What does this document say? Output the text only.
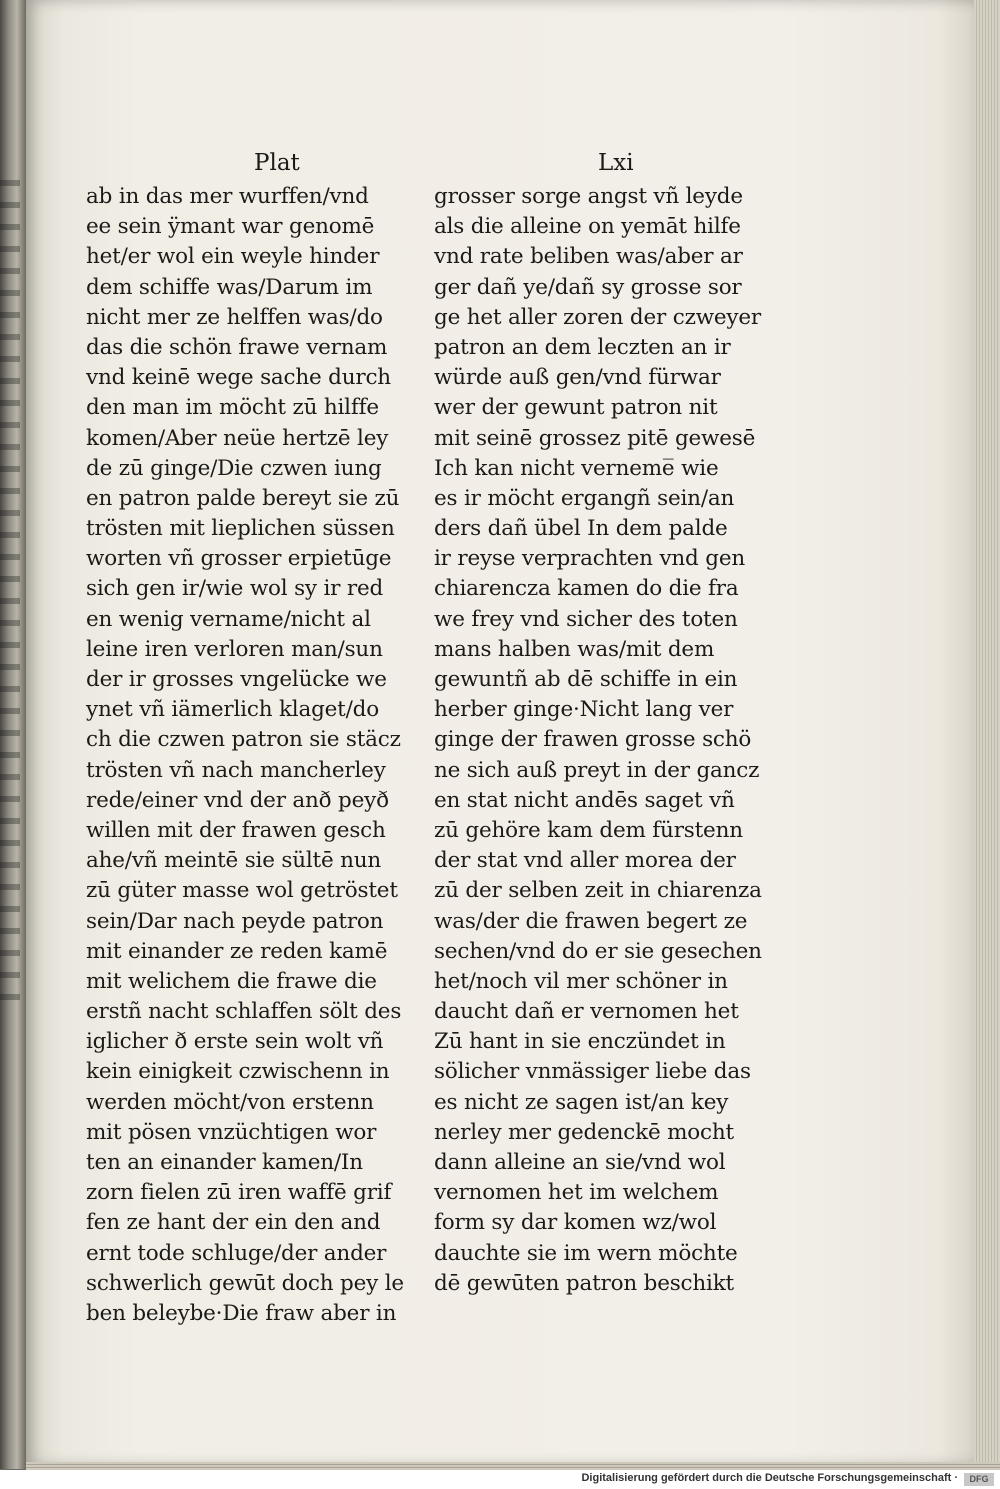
Plat	Lxi
ab in das mer wurffen/vnd
ee sein ÿmant war genomē
het/er wol ein weyle hinder
dem schiffe was/Darum im
nicht mer ze helffen was/do
das die schön frawe vernam
vnd keinē wege sache durch
den man im möcht zū hilffe
komen/Aber neüe hertzē ley
de zū ginge/Die czwen iung
en patron palde bereyt sie zū
trösten mit lieplichen süssen
worten vñ grosser erpietūge
sich gen ir/wie wol sy ir red
en wenig vername/nicht al
leine iren verloren man/sun
der ir grosses vngelücke we
ynet vñ iämerlich klaget/do
ch die czwen patron sie stäcz
trösten vñ nach mancherley
rede/einer vnd der anð peyð
willen mit der frawen gesch
ahe/vñ meintē sie sültē nun
zū güter masse wol getröstet
sein/Dar nach peyde patron
mit einander ze reden kamē
mit welichem die frawe die
erstñ nacht schlaffen sölt des
iglicher ð erste sein wolt vñ
kein einigkeit czwischenn in
werden möcht/von erstenn
mit pösen vnzüchtigen wor
ten an einander kamen/In
zorn fielen zū iren waffē grif
fen ze hant der ein den and
ernt tode schluge/der ander
schwerlich gewūt doch pey le
ben beleybe·Die fraw aber in
grosser sorge angst vñ leyde
als die alleine on yemāt hilfe
vnd rate beliben was/aber ar
ger dañ ye/dañ sy grosse sor
ge het aller zoren der czweyer
patron an dem leczten an ir
würde auß gen/vnd fürwar
wer der gewunt patron nit
mit seinē grossez pitē gewesē
Ich kan nicht verneme̅ wie
es ir möcht ergangñ sein/an
ders dañ übel In dem palde
ir reyse verprachten vnd gen
chiarencza kamen do die fra
we frey vnd sicher des toten
mans halben was/mit dem
gewuntñ ab dē schiffe in ein
herber ginge·Nicht lang ver
ginge der frawen grosse schö
ne sich auß preyt in der gancz
en stat nicht andēs saget vñ
zū gehöre kam dem fürstenn
der stat vnd aller morea der
zū der selben zeit in chiarenza
was/der die frawen begert ze
sechen/vnd do er sie gesechen
het/noch vil mer schöner in
daucht dañ er vernomen het
Zū hant in sie enczündet in
sölicher vnmässiger liebe das
es nicht ze sagen ist/an key
nerley mer gedenckē mocht
dann alleine an sie/vnd wol
vernomen het im welchem
form sy dar komen wz/wol
dauchte sie im wern möchte
dē gewūten patron beschikt
Digitalisierung gefördert durch die Deutsche Forschungsgemeinschaft ·	DFG
